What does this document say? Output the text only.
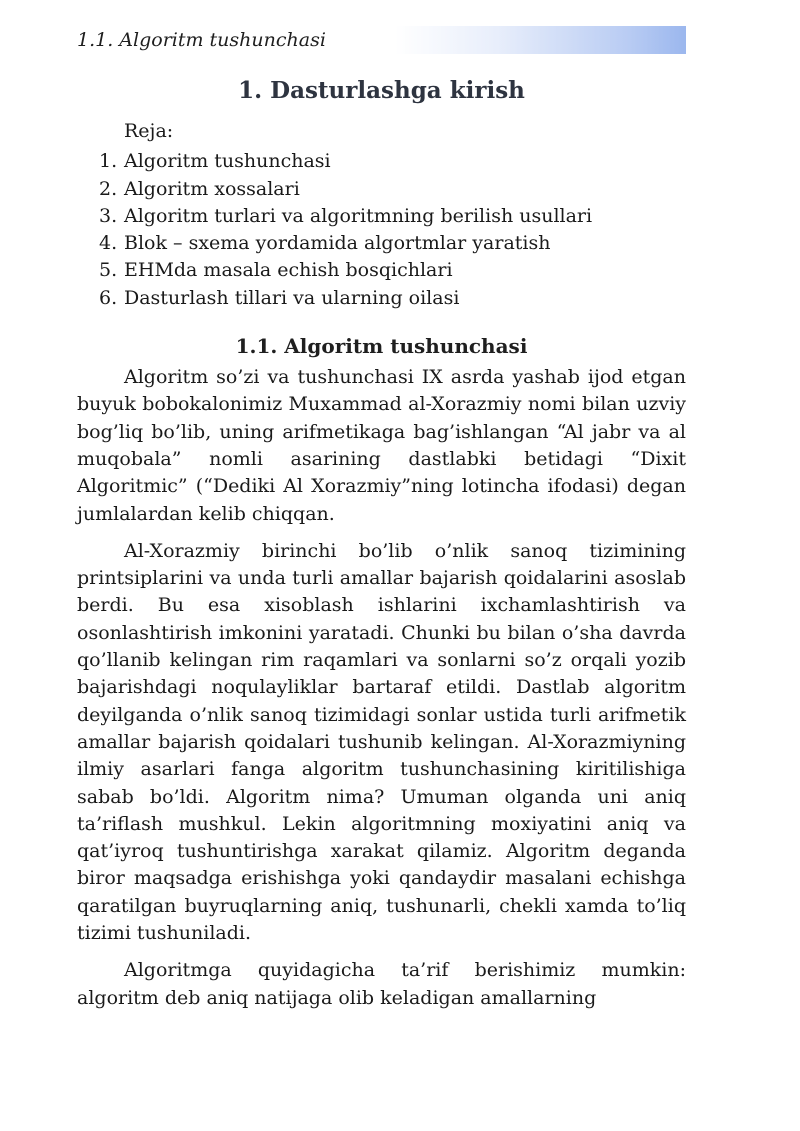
1.1. Algoritm tushunchasi
1. Dasturlashga kirish
Reja:
1. Algoritm tushunchasi
2. Algoritm xossalari
3. Algoritm turlari va algoritmning berilish usullari
4. Blok – sxema yordamida algortmlar yaratish
5. EHMda masala echish bosqichlari
6. Dasturlash tillari va ularning oilasi
1.1. Algoritm tushunchasi

Algoritm so’zi va tushunchasi IX asrda yashab ijod etgan buyuk bobokalonimiz Muxammad al-Xorazmiy nomi bilan uzviy bog’liq bo’lib, uning arifmetikaga bag’ishlangan “Al jabr va al muqobala” nomli asarining dastlabki betidagi “Dixit Algoritmic” (“Dediki Al Xorazmiy”ning lotincha ifodasi) degan jumlalardan kelib chiqqan.

Al-Xorazmiy birinchi bo’lib o’nlik sanoq tizimining printsiplarini va unda turli amallar bajarish qoidalarini asoslab berdi. Bu esa xisoblash ishlarini ixchamlashtirish va osonlashtirish imkonini yaratadi. Chunki bu bilan o’sha davrda qo’llanib kelingan rim raqamlari va sonlarni so’z orqali yozib bajarishdagi noqulayliklar bartaraf etildi. Dastlab algoritm deyilganda o’nlik sanoq tizimidagi sonlar ustida turli arifmetik amallar bajarish qoidalari tushunib kelingan. Al-Xorazmiyning ilmiy asarlari fanga algoritm tushunchasining kiritilishiga sabab bo’ldi. Algoritm nima? Umuman olganda uni aniq ta’riflash mushkul. Lekin algoritmning moxiyatini aniq va qat’iyroq tushuntirishga xarakat qilamiz. Algoritm deganda biror maqsadga erishishga yoki qandaydir masalani echishga qaratilgan buyruqlarning aniq, tushunarli, chekli xamda to’liq tizimi tushuniladi.

Algoritmga quyidagicha ta’rif berishimiz mumkin: algoritm deb aniq natijaga olib keladigan amallarning
